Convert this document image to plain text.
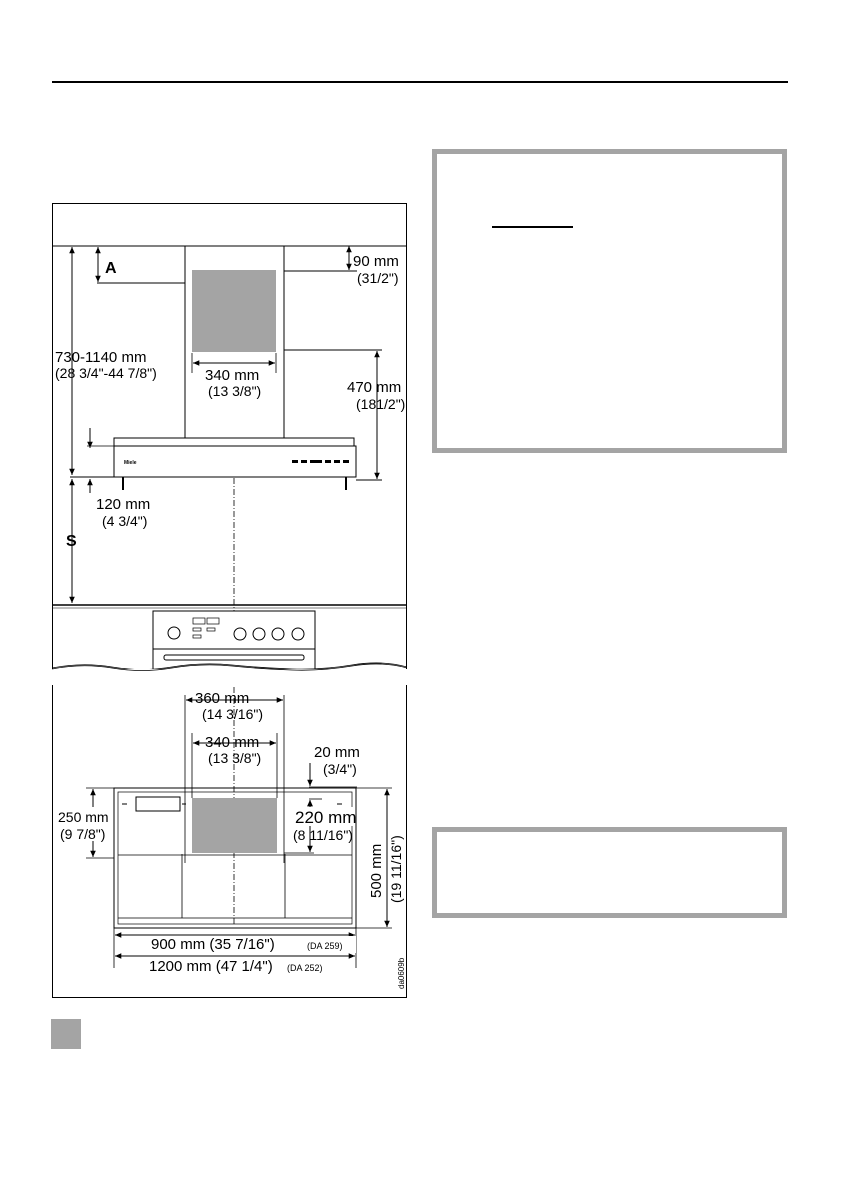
Miele
A
730-1140 mm
(28 3/4"-44 7/8")
S
120 mm
(4 3/4")
340 mm
(13 3/8")
90 mm
(31/2")
470 mm
(181/2")
360 mm
(14 3/16")
340 mm
(13 3/8")	20 mm
(3/4")
220 mm
(8 11/16")
250 mm
(9 7/8")
500 mm (19 11/16")
900 mm (35 7/16")	(DA 259)
1200 mm (47 1/4") (DA 252)	da0609b
